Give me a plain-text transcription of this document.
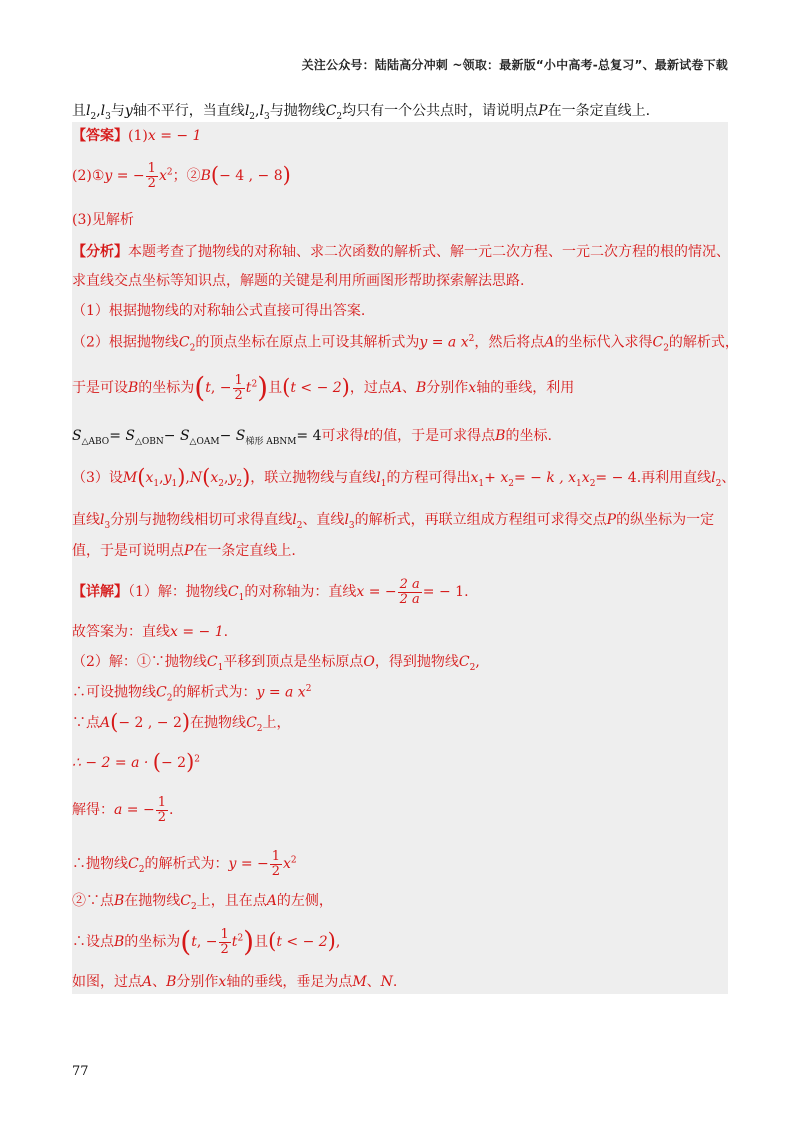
关注公众号：陆陆高分冲刺 ~领取：最新版“小中高考-总复习”、最新试卷下载
且$l_2,l_3$与y轴不平行，当直线$l_2,l_3$与抛物线$C_2$均只有一个公共点时，请说明点P在一条定直线上.
【答案】(1)x = − 1
(2)①y = − $\frac{1}{2} x^2$；②B(− 4 , − 8)
(3)见解析
【分析】本题考查了抛物线的对称轴、求二次函数的解析式、解一元二次方程、一元二次方程的根的情况、
求直线交点坐标等知识点，解题的关键是利用所画图形帮助探索解法思路.
（1）根据抛物线的对称轴公式直接可得出答案.
（2）根据抛物线$C_2$的顶点坐标在原点上可设其解析式为y = a $x^2$，然后将点A的坐标代入求得$C_2$的解析式，
于是可设B的坐标为(t, − $\frac{1}{2} t^2$)且(t < − 2)，过点A、B分别作x轴的垂线，利用
$S_{\triangle ABO}= S_{\triangle OBN}- S_{\triangle OAM}- S_{梯形 ABNM}= 4$可求得t的值，于是可求得点B的坐标.
（3）设$M(x_1,y_1),N(x_2,y_2)$，联立抛物线与直线$l_1$的方程可得出$x_1+ x_2= - k$ , $x_1x_2= - 4$.再利用直线$l_2$、
直线$l_3$分别与抛物线相切可求得直线$l_2$、直线$l_3$的解析式，再联立组成方程组可求得交点P的纵坐标为一定
值，于是可说明点P在一条定直线上.
【详解】（1）解：抛物线$C_1$的对称轴为：直线x = − $\frac{2 a}{2 a}$ = − 1.
故答案为：直线x = − 1.
（2）解：①∵抛物线$C_1$平移到顶点是坐标原点O，得到抛物线$C_2$,
∴可设抛物线$C_2$的解析式为：y = a $x^2$
∵点A(− 2 , − 2)在抛物线$C_2$上，
∴ − 2 = a · (− 2)$^2$
解得：a = − $\frac{1}{2}$ .
∴抛物线$C_2$的解析式为：y = − $\frac{1}{2} x^2$
②∵点B在抛物线$C_2$上，且在点A的左侧，
∴设点B的坐标为(t, − $\frac{1}{2} t^2$)且(t < − 2),
如图，过点A、B分别作x轴的垂线，垂足为点M、N.
77
